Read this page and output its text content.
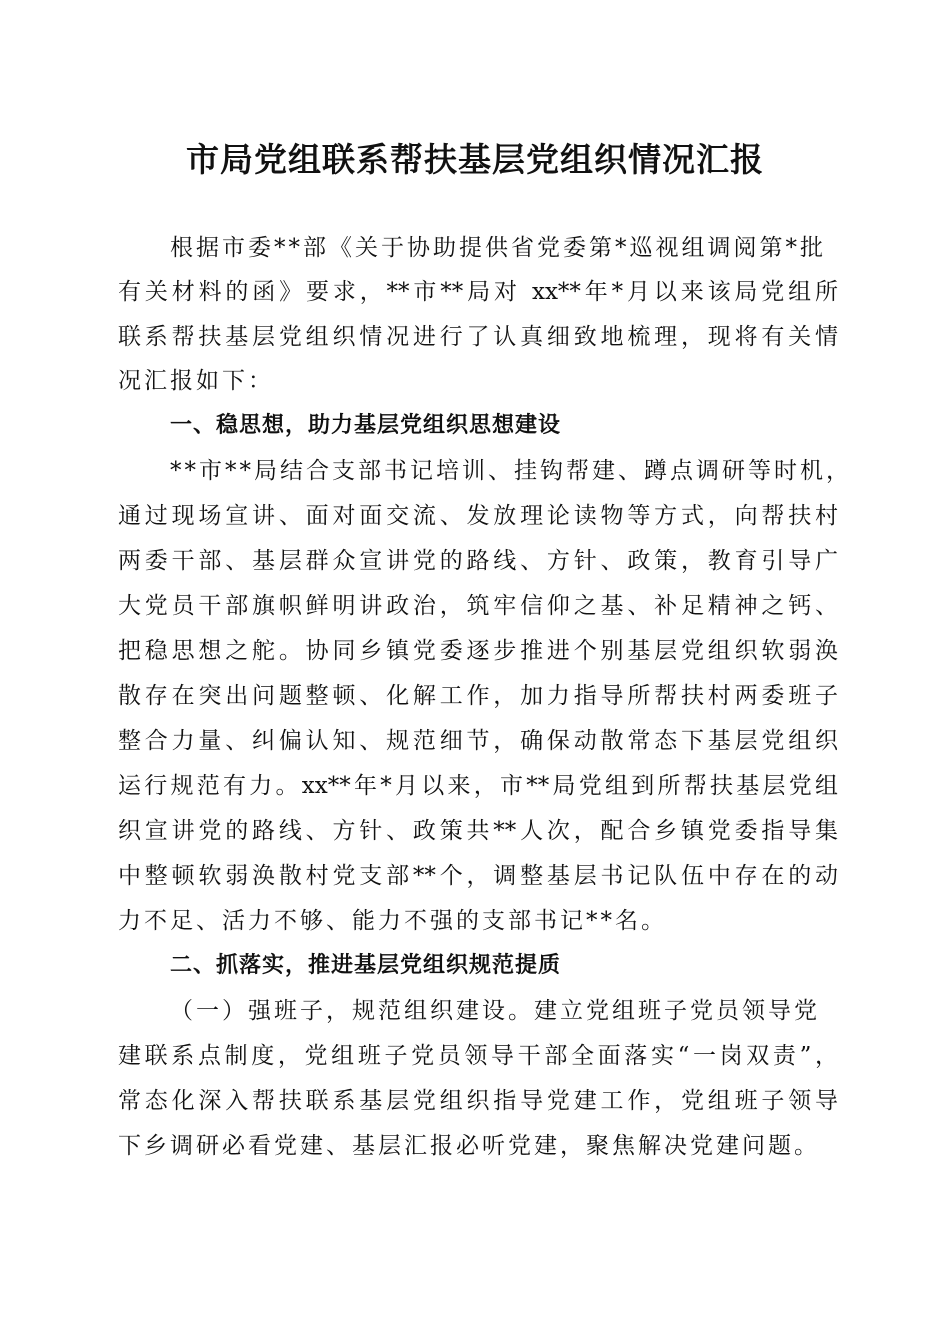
市局党组联系帮扶基层党组织情况汇报
根据市委**部《关于协助提供省党委第*巡视组调阅第*批
有关材料的函》要求，**市**局对 xx**年*月以来该局党组所
联系帮扶基层党组织情况进行了认真细致地梳理，现将有关情
况汇报如下：
一、稳思想，助力基层党组织思想建设
**市**局结合支部书记培训、挂钩帮建、蹲点调研等时机，
通过现场宣讲、面对面交流、发放理论读物等方式，向帮扶村
两委干部、基层群众宣讲党的路线、方针、政策，教育引导广
大党员干部旗帜鲜明讲政治，筑牢信仰之基、补足精神之钙、
把稳思想之舵。协同乡镇党委逐步推进个别基层党组织软弱涣
散存在突出问题整顿、化解工作，加力指导所帮扶村两委班子
整合力量、纠偏认知、规范细节，确保动散常态下基层党组织
运行规范有力。xx**年*月以来，市**局党组到所帮扶基层党组
织宣讲党的路线、方针、政策共**人次，配合乡镇党委指导集
中整顿软弱涣散村党支部**个，调整基层书记队伍中存在的动
力不足、活力不够、能力不强的支部书记**名。
二、抓落实，推进基层党组织规范提质
（一）强班子，规范组织建设。建立党组班子党员领导党
建联系点制度，党组班子党员领导干部全面落实“一岗双责”，
常态化深入帮扶联系基层党组织指导党建工作，党组班子领导
下乡调研必看党建、基层汇报必听党建，聚焦解决党建问题。
